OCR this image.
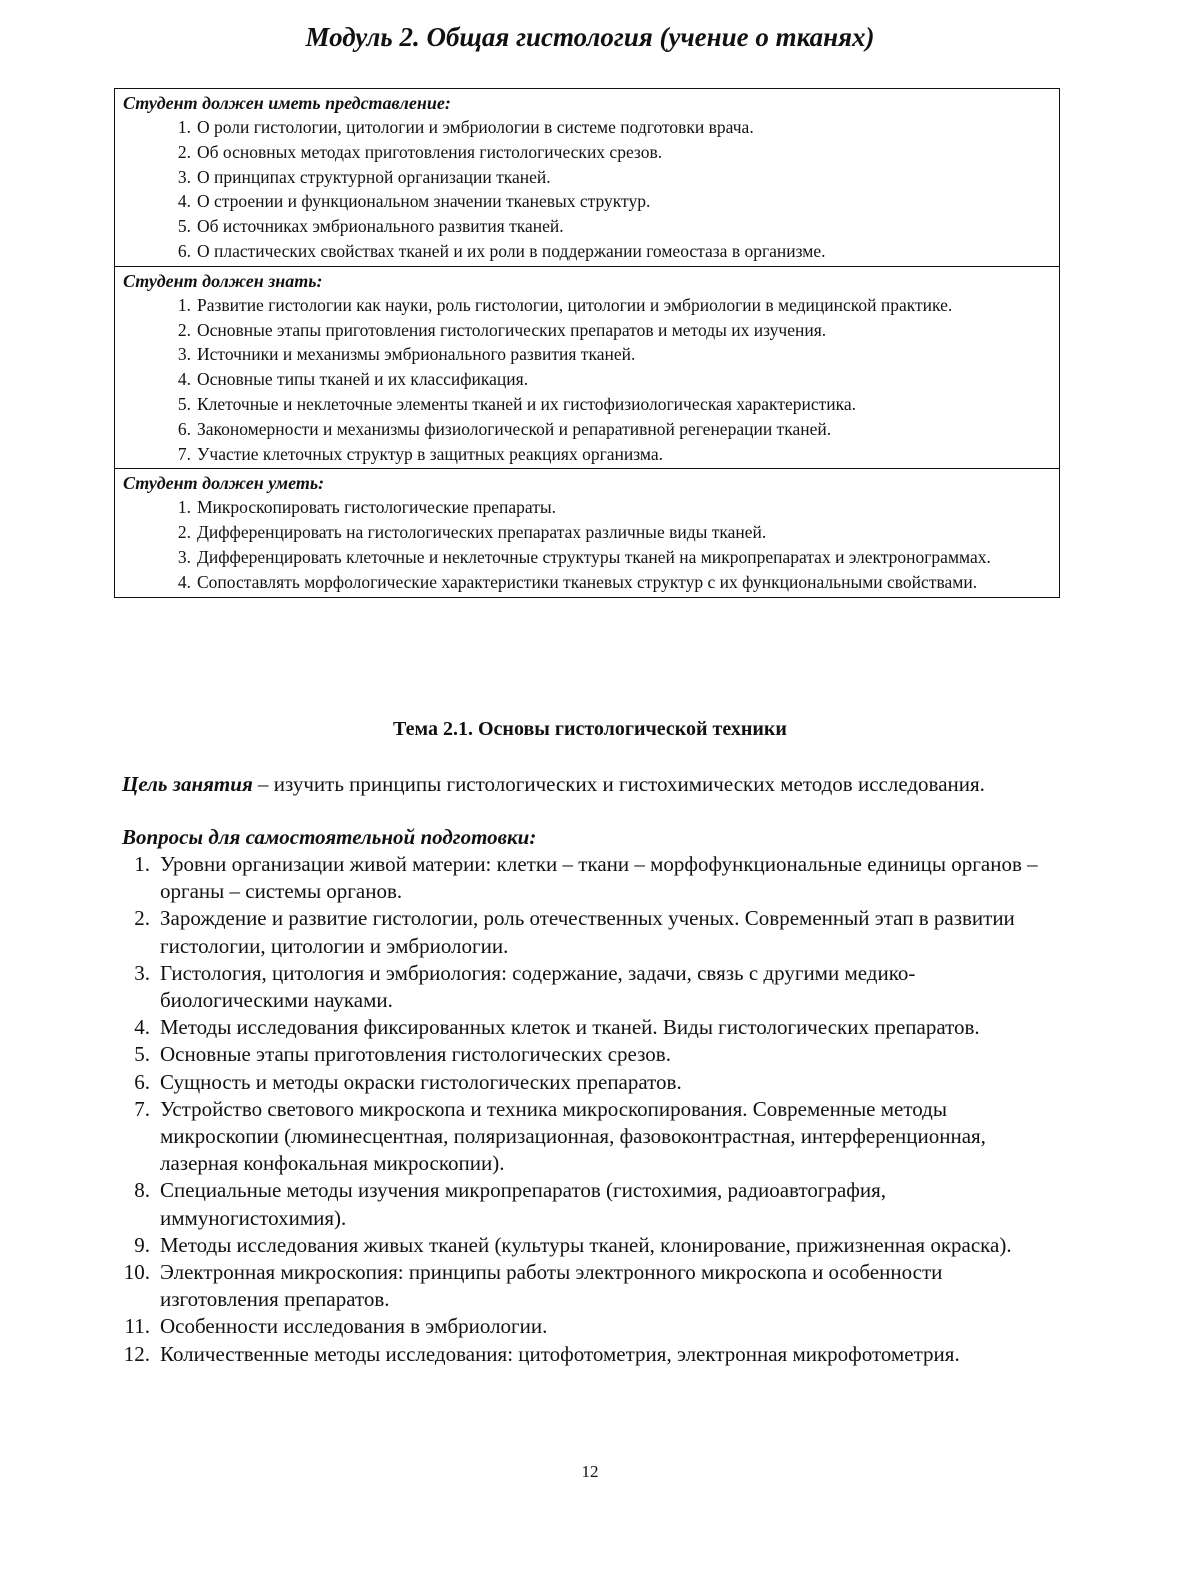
Модуль 2. Общая гистология (учение о тканях)
Студент должен иметь представление:
1. О роли гистологии, цитологии и эмбриологии в системе подготовки врача.
2. Об основных методах приготовления гистологических срезов.
3. О принципах структурной организации тканей.
4. О строении и функциональном значении тканевых структур.
5. Об источниках эмбрионального развития тканей.
6. О пластических свойствах тканей и их роли в поддержании гомеостаза в организме.
Студент должен знать:
1. Развитие гистологии как науки, роль гистологии, цитологии и эмбриологии в медицинской практике.
2. Основные этапы приготовления гистологических препаратов и методы их изучения.
3. Источники и механизмы эмбрионального развития тканей.
4. Основные типы тканей и их классификация.
5. Клеточные и неклеточные элементы тканей и их гистофизиологическая характеристика.
6. Закономерности и механизмы физиологической и репаративной регенерации тканей.
7. Участие клеточных структур в защитных реакциях организма.
Студент должен уметь:
1. Микроскопировать гистологические препараты.
2. Дифференцировать на гистологических препаратах различные виды тканей.
3. Дифференцировать клеточные и неклеточные структуры тканей на микропрепаратах и электронограммах.
4. Сопоставлять морфологические характеристики тканевых структур с их функциональными свойствами.
Тема 2.1. Основы гистологической техники
Цель занятия – изучить принципы гистологических и гистохимических методов исследования.
Вопросы для самостоятельной подготовки:
1. Уровни организации живой материи: клетки – ткани – морфофункциональные единицы органов – органы – системы органов.
2. Зарождение и развитие гистологии, роль отечественных ученых. Современный этап в развитии гистологии, цитологии и эмбриологии.
3. Гистология, цитология и эмбриология: содержание, задачи, связь с другими медико-биологическими науками.
4. Методы исследования фиксированных клеток и тканей. Виды гистологических препаратов.
5. Основные этапы приготовления гистологических срезов.
6. Сущность и методы окраски гистологических препаратов.
7. Устройство светового микроскопа и техника микроскопирования. Современные методы микроскопии (люминесцентная, поляризационная, фазовоконтрастная, интерференционная, лазерная конфокальная микроскопии).
8. Специальные методы изучения микропрепаратов (гистохимия, радиоавтография, иммуногистохимия).
9. Методы исследования живых тканей (культуры тканей, клонирование, прижизненная окраска).
10. Электронная микроскопия: принципы работы электронного микроскопа и особенности изготовления препаратов.
11. Особенности исследования в эмбриологии.
12. Количественные методы исследования: цитофотометрия, электронная микрофотометрия.
12
